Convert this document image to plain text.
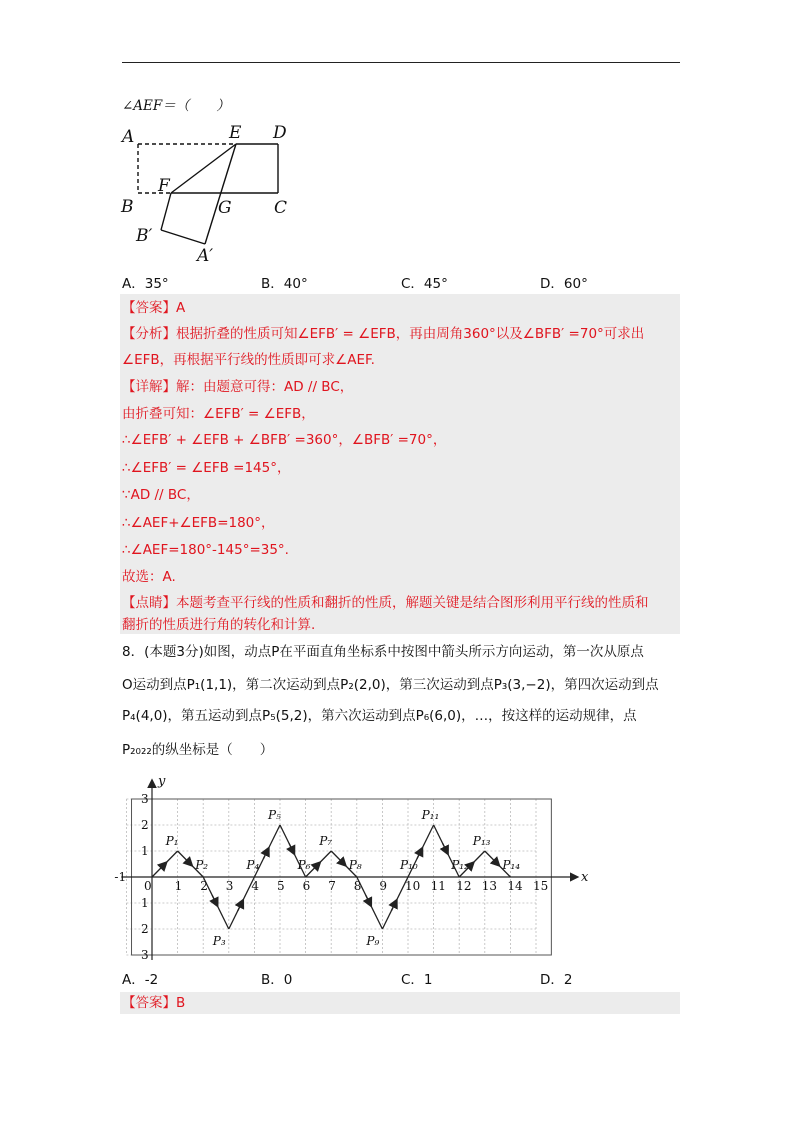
∠AEF＝（　　）
A	E D
F
B	G C
B′
A′
A．35°	B．40°	C．45°	D．60°
【答案】A
【分析】根据折叠的性质可知∠EFB′ = ∠EFB，再由周角360°以及∠BFB′ =70°可求出
∠EFB，再根据平行线的性质即可求∠AEF.
【详解】解：由题意可得：AD // BC，
由折叠可知：∠EFB′ = ∠EFB，
∴∠EFB′ + ∠EFB + ∠BFB′ =360°，∠BFB′ =70°，
∴∠EFB′ = ∠EFB =145°，
∵AD // BC，
∴∠AEF+∠EFB=180°，
∴∠AEF=180°-145°=35°.
故选：A.
【点睛】本题考查平行线的性质和翻折的性质，解题关键是结合图形利用平行线的性质和
翻折的性质进行角的转化和计算.
8．(本题3分)如图，动点P在平面直角坐标系中按图中箭头所示方向运动，第一次从原点
O运动到点P₁(1,1)，第二次运动到点P₂(2,0)，第三次运动到点P₃(3,−2)，第四次运动到点
P₄(4,0)，第五运动到点P₅(5,2)，第六次运动到点P₆(6,0)，…，按这样的运动规律，点
P₂₀₂₂的纵坐标是（　　）
x
y
0
-1
1 2 3 4 5 6 7 8 9 10 11 12 13 14 15
1
2
3
1
2
3
P₁
P₂
P₃
P₄
P₅
P₆
P₇
P₈
P₉
P₁₀
P₁₁
P₁₂
P₁₃
P₁₄
A．-2	B．0	C．1	D．2
【答案】B
